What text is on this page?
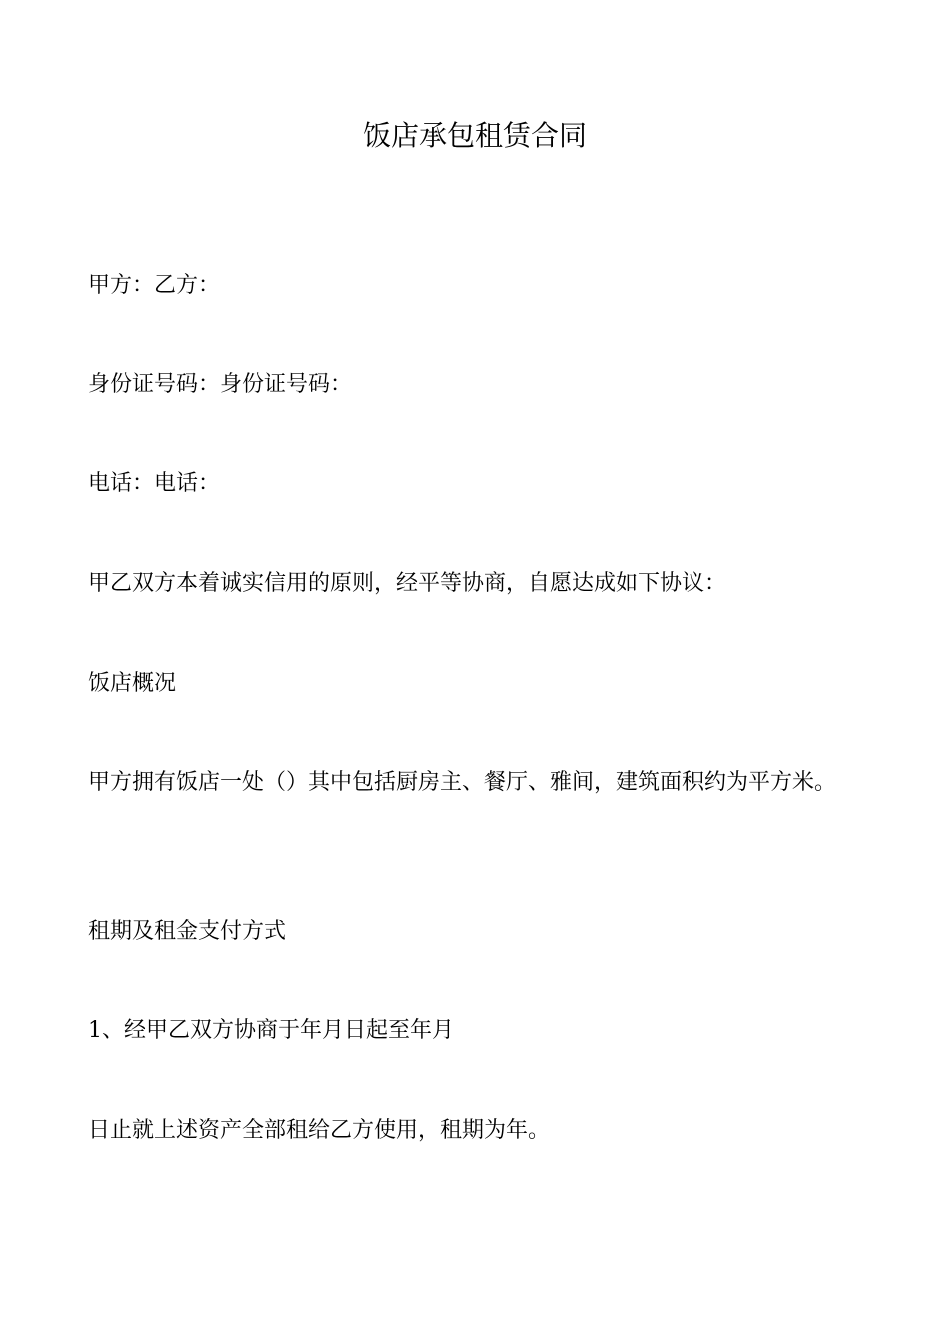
饭店承包租赁合同
甲方：乙方：
身份证号码：身份证号码：
电话：电话：
甲乙双方本着诚实信用的原则，经平等协商，自愿达成如下协议：
饭店概况
甲方拥有饭店一处（）其中包括厨房主、餐厅、雅间，建筑面积约为平方米。
租期及租金支付方式
1、经甲乙双方协商于年月日起至年月
日止就上述资产全部租给乙方使用，租期为年。
